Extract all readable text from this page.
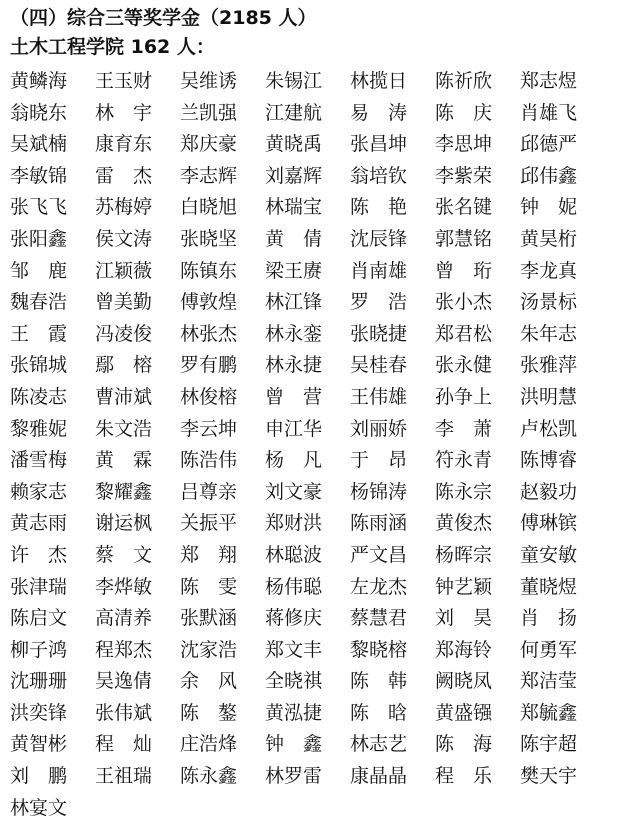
（四）综合三等奖学金（2185 人）
土木工程学院 162 人：
黄鳞海	王玉财	吴维诱	朱锡江	林揽日	陈祈欣	郑志煜
翁晓东	林　宇	兰凯强	江建航	易　涛	陈　庆	肖雄飞
吴斌楠	康育东	郑庆豪	黄晓禹	张昌坤	李思坤	邱德严
李敏锦	雷　杰	李志辉	刘嘉辉	翁培钦	李紫荣	邱伟鑫
张飞飞	苏梅婷	白晓旭	林瑞宝	陈　艳	张名键	钟　妮
张阳鑫	侯文涛	张晓坚	黄　倩	沈辰锋	郭慧铭	黄昊桁
邹　鹿	江颖薇	陈镇东	梁王赓	肖南雄	曾　珩	李龙真
魏春浩	曾美勤	傅敦煌	林江锋	罗　浩	张小杰	汤景标
王　霞	冯凌俊	林张杰	林永銮	张晓捷	郑君松	朱年志
张锦城	鄢　榕	罗有鹏	林永捷	吴桂春	张永健	张雅萍
陈凌志	曹沛斌	林俊榕	曾　营	王伟雄	孙争上	洪明慧
黎雅妮	朱文浩	李云坤	申江华	刘丽娇	李　萧	卢松凯
潘雪梅	黄　霖	陈浩伟	杨　凡	于　昂	符永青	陈博睿
赖家志	黎耀鑫	吕尊亲	刘文豪	杨锦涛	陈永宗	赵毅功
黄志雨	谢运枫	关振平	郑财洪	陈雨涵	黄俊杰	傅琳镔
许　杰	蔡　文	郑　翔	林聪波	严文昌	杨晖宗	童安敏
张津瑞	李烨敏	陈　雯	杨伟聪	左龙杰	钟艺颖	董晓煜
陈启文	高清养	张默涵	蒋修庆	蔡慧君	刘　昊	肖　扬
柳子鸿	程郑杰	沈家浩	郑文丰	黎晓榕	郑海铃	何勇军
沈珊珊	吴逸倩	余　风	全晓祺	陈　韩	阙晓凤	郑洁莹
洪奕锋	张伟斌	陈　鏊	黄泓捷	陈　晗	黄盛镪	郑毓鑫
黄智彬	程　灿	庄浩烽	钟　鑫	林志艺	陈　海	陈宇超
刘　鹏	王祖瑞	陈永鑫	林罗雷	康晶晶	程　乐	樊天宇
林宴文
